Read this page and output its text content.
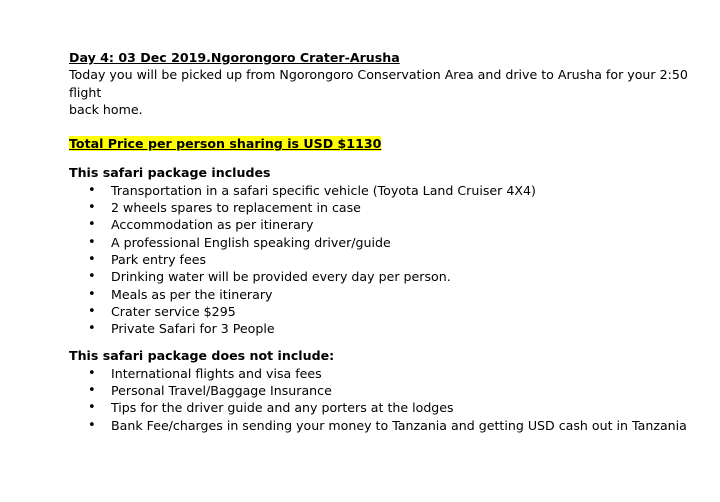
Day 4: 03 Dec 2019.Ngorongoro Crater-Arusha

Today you will be picked up from Ngorongoro Conservation Area and drive to Arusha for your 2:50 flight
back home.

Total Price per person sharing is USD $1130

This safari package includes

• Transportation in a safari specific vehicle (Toyota Land Cruiser 4X4)
• 2 wheels spares to replacement in case
• Accommodation as per itinerary
• A professional English speaking driver/guide
• Park entry fees
• Drinking water will be provided every day per person.
• Meals as per the itinerary
• Crater service $295
• Private Safari for 3 People

This safari package does not include:

• International flights and visa fees
• Personal Travel/Baggage Insurance
• Tips for the driver guide and any porters at the lodges
• Bank Fee/charges in sending your money to Tanzania and getting USD cash out in Tanzania
